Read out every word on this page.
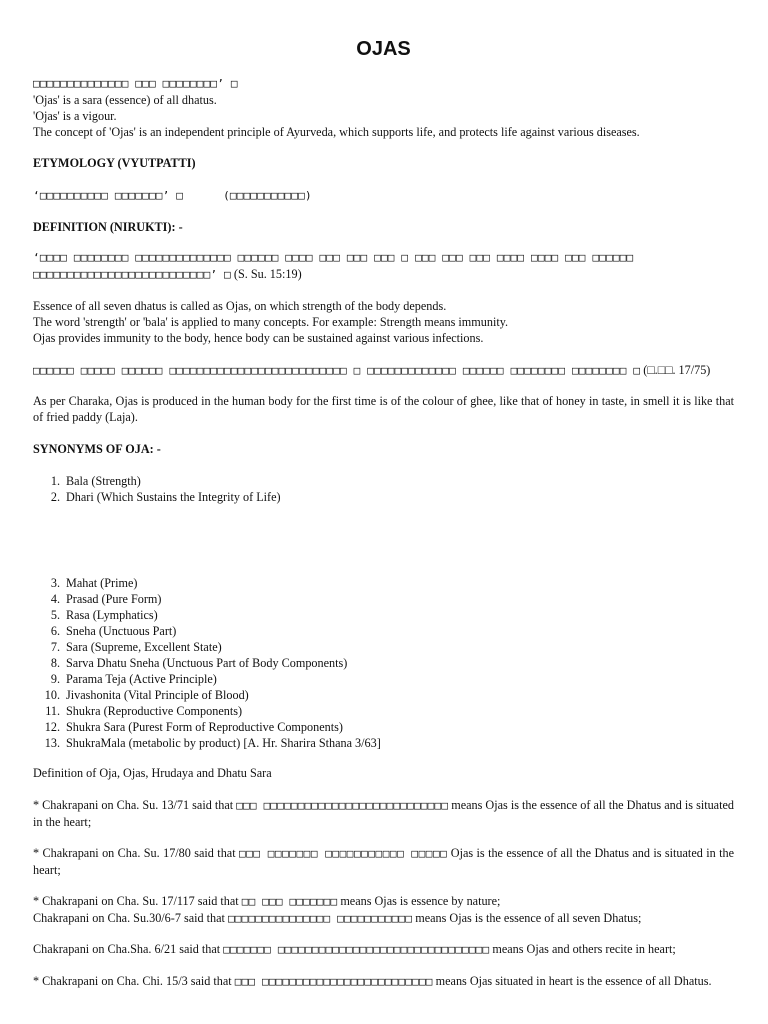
OJAS
□□□□□□□□□□□□□□ □□□ □□□□□□□□’ □
'Ojas' is a sara (essence) of all dhatus.
'Ojas' is a vigour.
The concept of 'Ojas' is an independent principle of Ayurveda, which supports life, and protects life against various diseases.
ETYMOLOGY (VYUTPATTI)
‘□□□□□□□□□□ □□□□□□□’ □	(□□□□□□□□□□□)
DEFINITION (NIRUKTI): -
‘□□□□ □□□□□□□□ □□□□□□□□□□□□□□ □□□□□□ □□□□ □□□ □□□ □□□ □ □□□ □□□ □□□ □□□□ □□□□ □□□ □□□□□□
□□□□□□□□□□□□□□□□□□□□□□□□□□’ □ (S. Su. 15:19)
Essence of all seven dhatus is called as Ojas, on which strength of the body depends.
The word 'strength' or 'bala' is applied to many concepts. For example: Strength means immunity.
Ojas provides immunity to the body, hence body can be sustained against various infections.
□□□□□□ □□□□□ □□□□□□ □□□□□□□□□□□□□□□□□□□□□□□□□□ □ □□□□□□□□□□□□□ □□□□□□ □□□□□□□□ □□□□□□□□ □ (□.□□. 17/75)
As per Charaka, Ojas is produced in the human body for the first time is of the colour of ghee, like that of honey in taste, in smell it is like that of fried paddy (Laja).
SYNONYMS OF OJA: -
1. Bala (Strength)
2. Dhari (Which Sustains the Integrity of Life)
3. Mahat (Prime)
4. Prasad (Pure Form)
5. Rasa (Lymphatics)
6. Sneha (Unctuous Part)
7. Sara (Supreme, Excellent State)
8. Sarva Dhatu Sneha (Unctuous Part of Body Components)
9. Parama Teja (Active Principle)
10. Jivashonita (Vital Principle of Blood)
11. Shukra (Reproductive Components)
12. Shukra Sara (Purest Form of Reproductive Components)
13. ShukraMala (metabolic by product) [A. Hr. Sharira Sthana 3/63]
Definition of Oja, Ojas, Hrudaya and Dhatu Sara
* Chakrapani on Cha. Su. 13/71 said that □□□ □□□□□□□□□□□□□□□□□□□□□□□□□□□ means Ojas is the essence of all the Dhatus and is situated in the heart;
* Chakrapani on Cha. Su. 17/80 said that □□□ □□□□□□□ □□□□□□□□□□□ □□□□□ Ojas is the essence of all the Dhatus and is situated in the heart;
* Chakrapani on Cha. Su. 17/117 said that □□ □□□ □□□□□□□ means Ojas is essence by nature;
Chakrapani on Cha. Su.30/6-7 said that □□□□□□□□□□□□□□□ □□□□□□□□□□□ means Ojas is the essence of all seven Dhatus;
Chakrapani on Cha.Sha. 6/21 said that □□□□□□□ □□□□□□□□□□□□□□□□□□□□□□□□□□□□□□□ means Ojas and others recite in heart;
* Chakrapani on Cha. Chi. 15/3 said that □□□ □□□□□□□□□□□□□□□□□□□□□□□□□ means Ojas situated in heart is the essence of all Dhatus.
